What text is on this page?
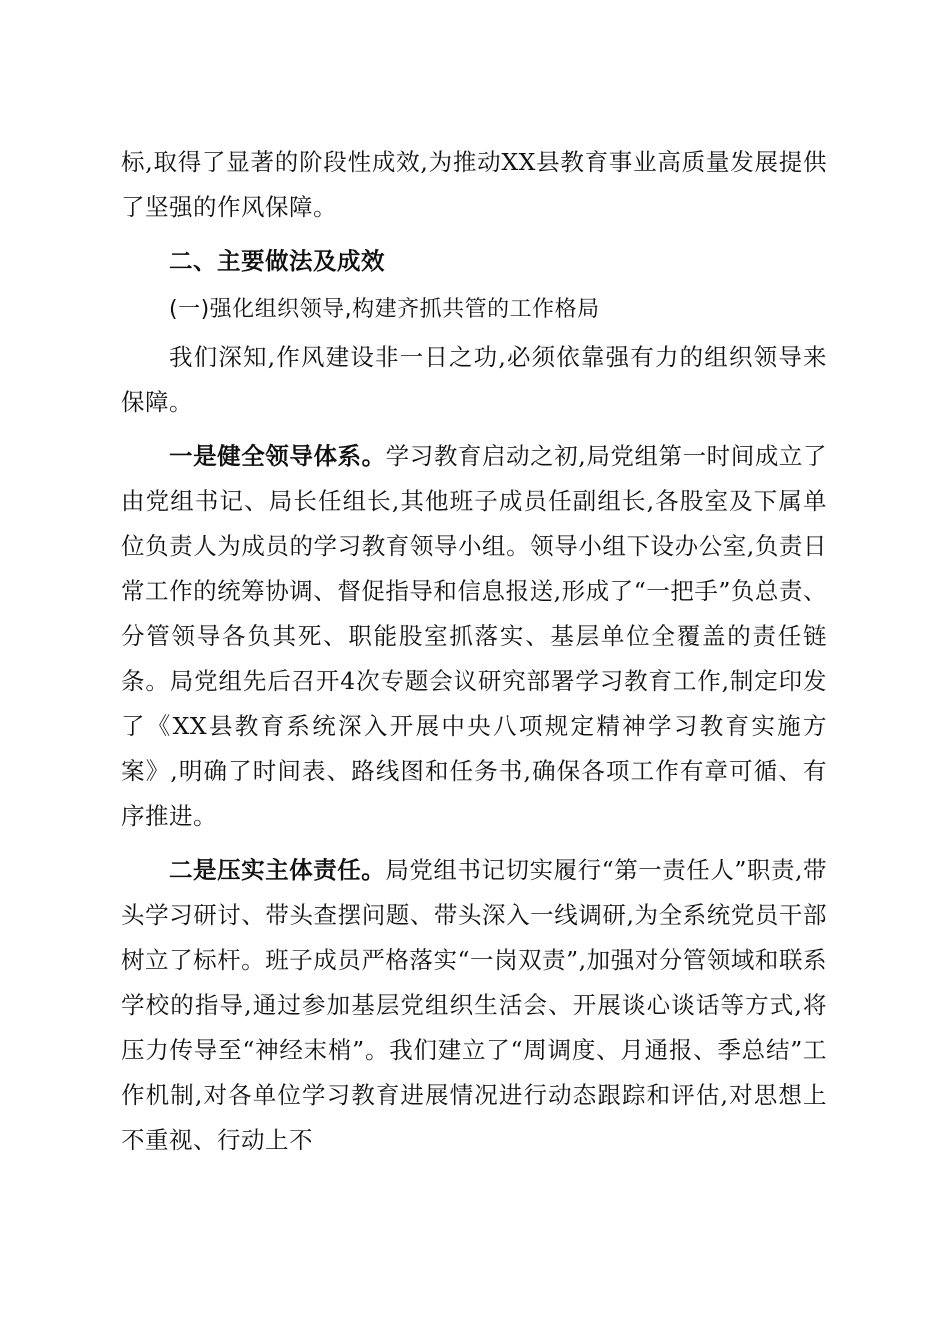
标,取得了显著的阶段性成效,为推动XX县教育事业高质量发展提供了坚强的作风保障。

二、主要做法及成效

(一)强化组织领导,构建齐抓共管的工作格局

我们深知,作风建设非一日之功,必须依靠强有力的组织领导来保障。

一是健全领导体系。学习教育启动之初,局党组第一时间成立了由党组书记、局长任组长,其他班子成员任副组长,各股室及下属单位负责人为成员的学习教育领导小组。领导小组下设办公室,负责日常工作的统筹协调、督促指导和信息报送,形成了“一把手”负总责、分管领导各负其死、职能股室抓落实、基层单位全覆盖的责任链条。局党组先后召开4次专题会议研究部署学习教育工作,制定印发了《XX县教育系统深入开展中央八项规定精神学习教育实施方案》,明确了时间表、路线图和任务书,确保各项工作有章可循、有序推进。

二是压实主体责任。局党组书记切实履行“第一责任人”职责,带头学习研讨、带头查摆问题、带头深入一线调研,为全系统党员干部树立了标杆。班子成员严格落实“一岗双责”,加强对分管领域和联系学校的指导,通过参加基层党组织生活会、开展谈心谈话等方式,将压力传导至“神经末梢”。我们建立了“周调度、月通报、季总结”工作机制,对各单位学习教育进展情况进行动态跟踪和评估,对思想上不重视、行动上不
